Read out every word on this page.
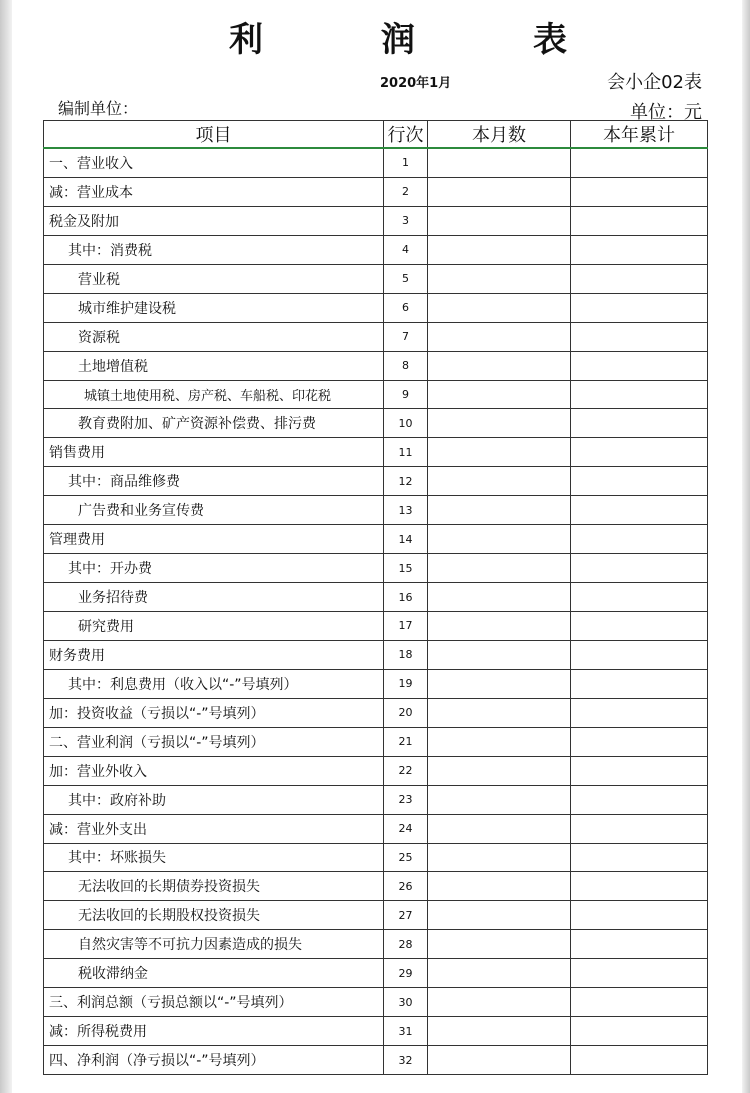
利　润　表
2020年1月	会小企02表
编制单位：	单位：元
项目	行次	本月数	本年累计
一、营业收入	1		
减：营业成本	2		
税金及附加	3		
其中：消费税	4		
营业税	5		
城市维护建设税	6		
资源税	7		
土地增值税	8		
城镇土地使用税、房产税、车船税、印花税	9		
教育费附加、矿产资源补偿费、排污费	10		
销售费用	11		
其中：商品维修费	12		
广告费和业务宣传费	13		
管理费用	14		
其中：开办费	15		
业务招待费	16		
研究费用	17		
财务费用	18		
其中：利息费用（收入以“-”号填列）	19		
加：投资收益（亏损以“-”号填列）	20		
二、营业利润（亏损以“-”号填列）	21		
加：营业外收入	22		
其中：政府补助	23		
减：营业外支出	24		
其中：坏账损失	25		
无法收回的长期债券投资损失	26		
无法收回的长期股权投资损失	27		
自然灾害等不可抗力因素造成的损失	28		
税收滞纳金	29		
三、利润总额（亏损总额以“-”号填列）	30		
减：所得税费用	31		
四、净利润（净亏损以“-”号填列）	32		
